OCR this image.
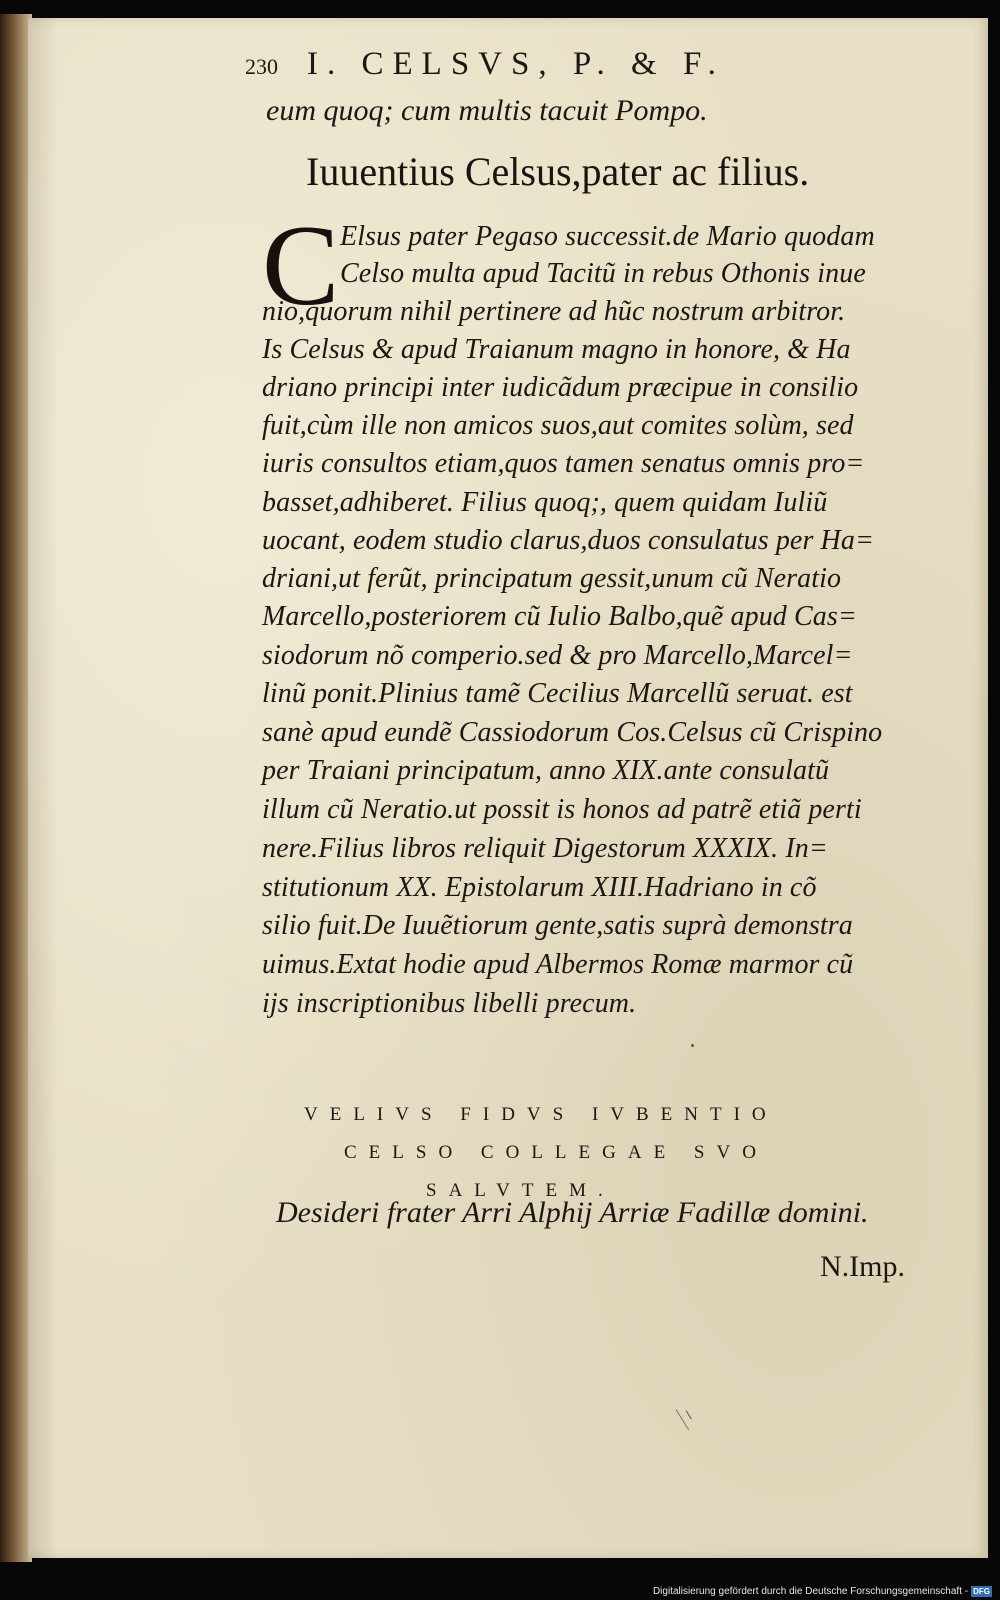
230 I. CELSVS, P. & F.
eum quoq; cum multis tacuit Pompo.
Iuuentius Celsus,pater ac filius.
C Elsus pater Pegaso successit.de Mario quodam
Celso multa apud Tacitũ in rebus Othonis inue
nio,quorum nihil pertinere ad hũc nostrum arbitror.
Is Celsus & apud Traianum magno in honore, & Ha
driano principi inter iudicãdum præcipue in consilio
fuit,cùm ille non amicos suos,aut comites solùm, sed
iuris consultos etiam,quos tamen senatus omnis pro=
basset,adhiberet. Filius quoq;, quem quidam Iuliũ
uocant, eodem studio clarus,duos consulatus per Ha=
driani,ut ferũt, principatum gessit,unum cũ Neratio
Marcello,posteriorem cũ Iulio Balbo,quẽ apud Cas=
siodorum nõ comperio.sed & pro Marcello,Marcel=
linũ ponit.Plinius tamẽ Cecilius Marcellũ seruat. est
sanè apud eundẽ Cassiodorum Cos.Celsus cũ Crispino
per Traiani principatum, anno XIX.ante consulatũ
illum cũ Neratio.ut possit is honos ad patrẽ etiã perti
nere.Filius libros reliquit Digestorum XXXIX. In=
stitutionum XX. Epistolarum XIII.Hadriano in cõ
silio fuit.De Iuuẽtiorum gente,satis suprà demonstra
uimus.Extat hodie apud Albermos Romæ marmor cũ
ijs inscriptionibus libelli precum.
VELIVS FIDVS IVBENTIO
CELSO COLLEGAE SVO
SALVTEM.
Desideri frater Arri Alphij Arriæ Fadillæ domini.
N.Imp.
Digitalisierung gefördert durch die Deutsche Forschungsgemeinschaft - DFG
